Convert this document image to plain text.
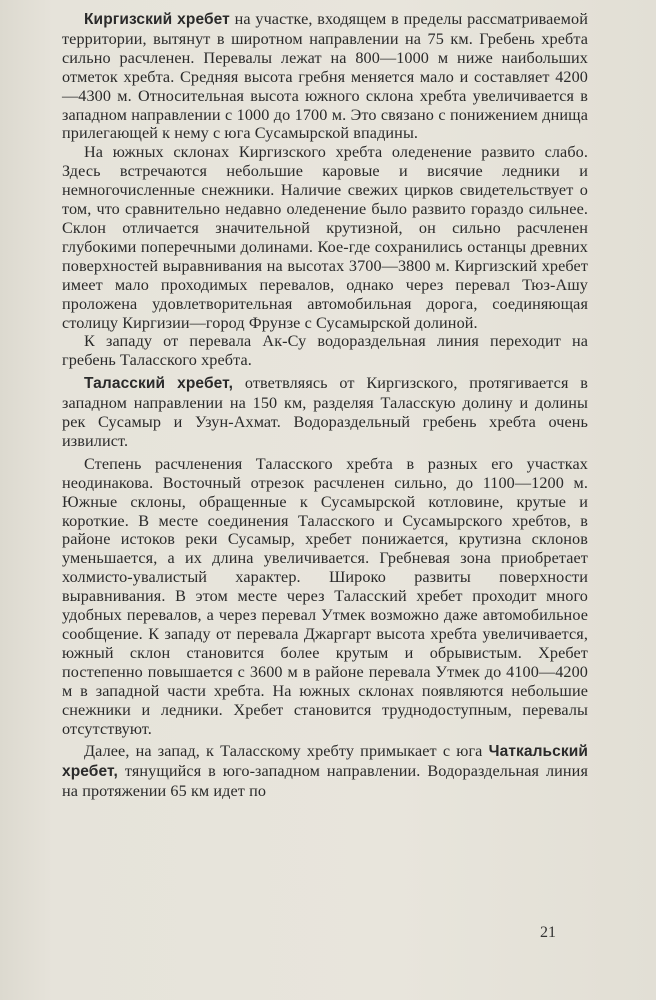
Киргизский хребет на участке, входящем в пределы рассматриваемой территории, вытянут в широтном направлении на 75 км. Гребень хребта сильно расчленен. Перевалы лежат на 800—1000 м ниже наибольших отметок хребта. Средняя высота гребня меняется мало и составляет 4200—4300 м. Относительная высота южного склона хребта увеличивается в западном направлении с 1000 до 1700 м. Это связано с понижением днища прилегающей к нему с юга Сусамырской впадины.

На южных склонах Киргизского хребта оледенение развито слабо. Здесь встречаются небольшие каровые и висячие ледники и немногочисленные снежники. Наличие свежих цирков свидетельствует о том, что сравнительно недавно оледенение было развито гораздо сильнее. Склон отличается значительной крутизной, он сильно расчленен глубокими поперечными долинами. Кое-где сохранились останцы древних поверхностей выравнивания на высотах 3700—3800 м. Киргизский хребет имеет мало проходимых перевалов, однако через перевал Тюз-Ашу проложена удовлетворительная автомобильная дорога, соединяющая столицу Киргизии—город Фрунзе с Сусамырской долиной.

К западу от перевала Ак-Су водораздельная линия переходит на гребень Таласского хребта.

Таласский хребет, ответвляясь от Киргизского, протягивается в западном направлении на 150 км, разделяя Таласскую долину и долины рек Сусамыр и Узун-Ахмат. Водораздельный гребень хребта очень извилист.

Степень расчленения Таласского хребта в разных его участках неодинакова. Восточный отрезок расчленен сильно, до 1100—1200 м. Южные склоны, обращенные к Сусамырской котловине, крутые и короткие. В месте соединения Таласского и Сусамырского хребтов, в районе истоков реки Сусамыр, хребет понижается, крутизна склонов уменьшается, а их длина увеличивается. Гребневая зона приобретает холмисто-увалистый характер. Широко развиты поверхности выравнивания. В этом месте через Таласский хребет проходит много удобных перевалов, а через перевал Утмек возможно даже автомобильное сообщение. К западу от перевала Джаргарт высота хребта увеличивается, южный склон становится более крутым и обрывистым. Хребет постепенно повышается с 3600 м в районе перевала Утмек до 4100—4200 м в западной части хребта. На южных склонах появляются небольшие снежники и ледники. Хребет становится труднодоступным, перевалы отсутствуют.

Далее, на запад, к Таласскому хребту примыкает с юга Чаткальский хребет, тянущийся в юго-западном направлении. Водораздельная линия на протяжении 65 км идет по

21
